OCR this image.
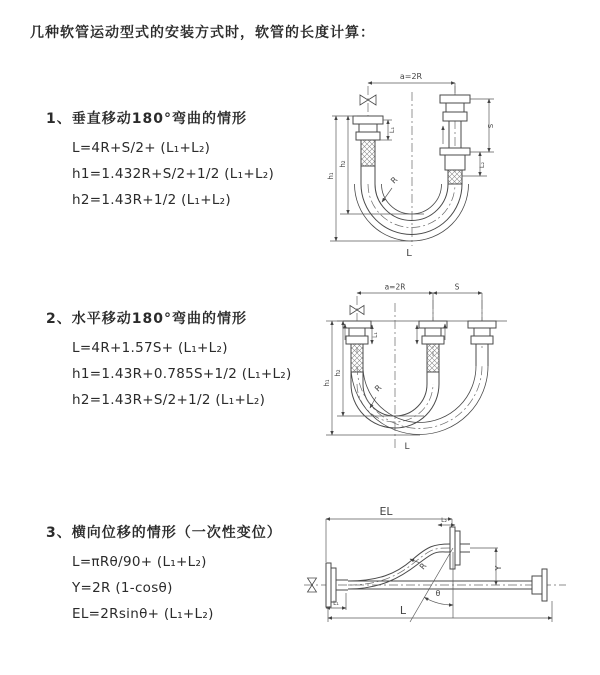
几种软管运动型式的安装方式时，软管的长度计算：
1、垂直移动180°弯曲的情形
L=4R+S/2+ (L₁+L₂)
h1=1.432R+S/2+1/2 (L₁+L₂)
h2=1.43R+1/2 (L₁+L₂)
a=2R
h₁
h₂
L₁
S
L₂
R
L
2、水平移动180°弯曲的情形
L=4R+1.57S+ (L₁+L₂)
h1=1.43R+0.785S+1/2 (L₁+L₂)
h2=1.43R+S/2+1/2 (L₁+L₂)
a=2R	S
h₁
h₂
L₁
R
L
3、横向位移的情形（一次性变位）
L=πRθ/90+ (L₁+L₂)
Y=2R (1-cosθ)
EL=2Rsinθ+ (L₁+L₂)
EL
L₂
Y
θ
R
L₁
L
